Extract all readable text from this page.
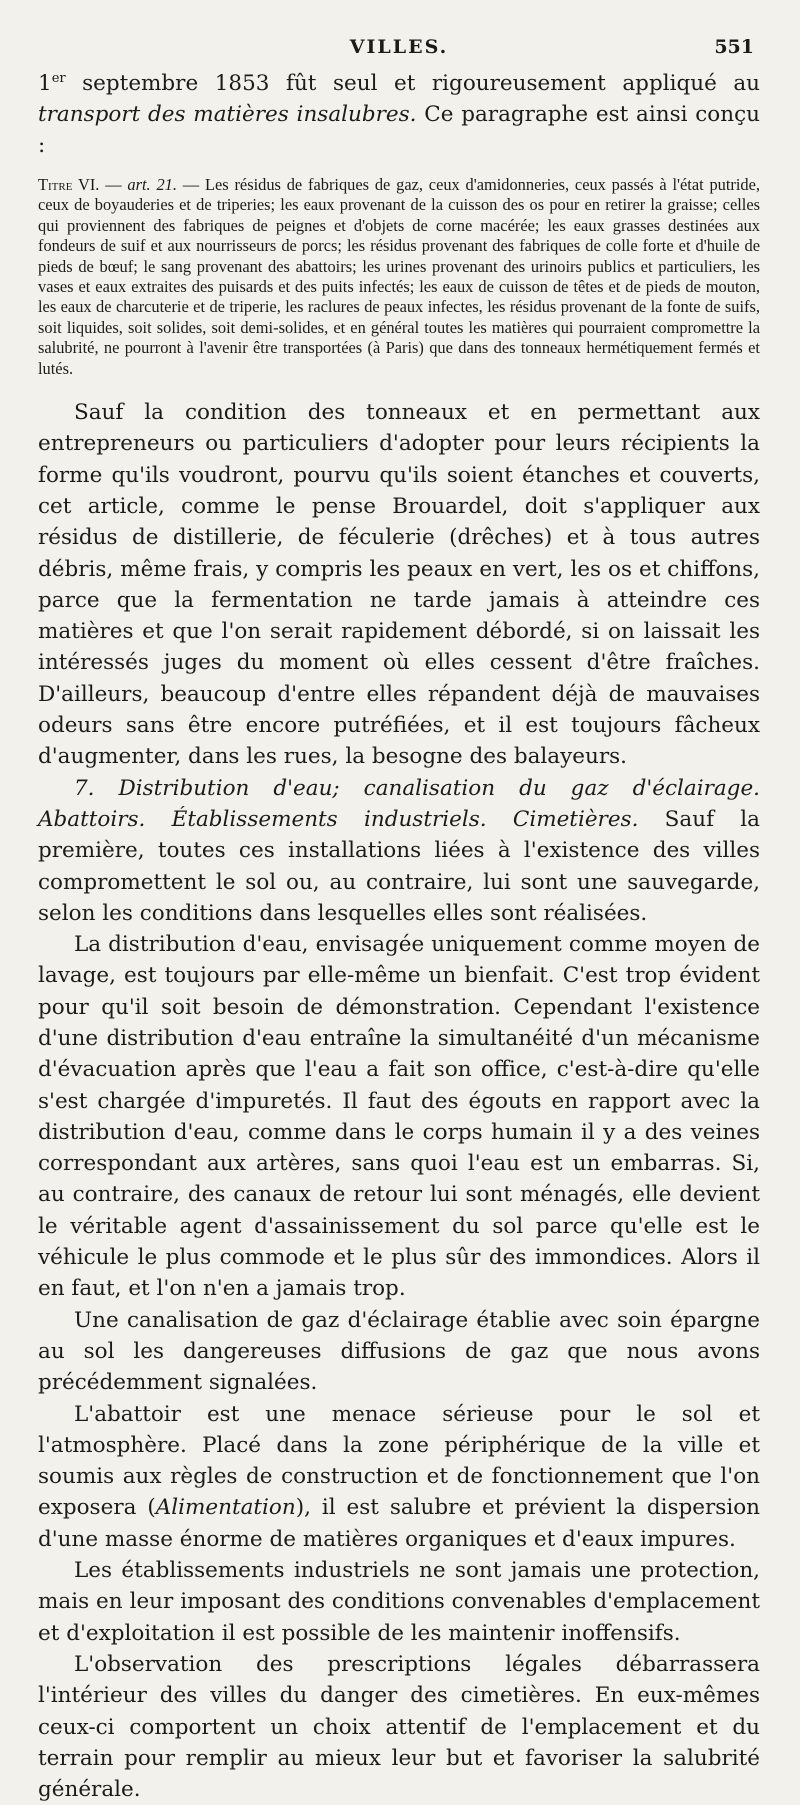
VILLES.	551

1er septembre 1853 fût seul et rigoureusement appliqué au transport des matières insalubres. Ce paragraphe est ainsi conçu :

Titre VI. — art. 21. — Les résidus de fabriques de gaz, ceux d'amidonneries, ceux passés à l'état putride, ceux de boyauderies et de triperies; les eaux provenant de la cuisson des os pour en retirer la graisse; celles qui proviennent des fabriques de peignes et d'objets de corne macérée; les eaux grasses destinées aux fondeurs de suif et aux nourrisseurs de porcs; les résidus provenant des fabriques de colle forte et d'huile de pieds de bœuf; le sang provenant des abattoirs; les urines provenant des urinoirs publics et particuliers, les vases et eaux extraites des puisards et des puits infectés; les eaux de cuisson de têtes et de pieds de mouton, les eaux de charcuterie et de triperie, les raclures de peaux infectes, les résidus provenant de la fonte de suifs, soit liquides, soit solides, soit demi-solides, et en général toutes les matières qui pourraient compromettre la salubrité, ne pourront à l'avenir être transportées (à Paris) que dans des tonneaux hermétiquement fermés et lutés.

Sauf la condition des tonneaux et en permettant aux entrepreneurs ou particuliers d'adopter pour leurs récipients la forme qu'ils voudront, pourvu qu'ils soient étanches et couverts, cet article, comme le pense Brouardel, doit s'appliquer aux résidus de distillerie, de féculerie (drêches) et à tous autres débris, même frais, y compris les peaux en vert, les os et chiffons, parce que la fermentation ne tarde jamais à atteindre ces matières et que l'on serait rapidement débordé, si on laissait les intéressés juges du moment où elles cessent d'être fraîches. D'ailleurs, beaucoup d'entre elles répandent déjà de mauvaises odeurs sans être encore putréfiées, et il est toujours fâcheux d'augmenter, dans les rues, la besogne des balayeurs.

7. Distribution d'eau; canalisation du gaz d'éclairage. Abattoirs. Établissements industriels. Cimetières. Sauf la première, toutes ces installations liées à l'existence des villes compromettent le sol ou, au contraire, lui sont une sauvegarde, selon les conditions dans lesquelles elles sont réalisées.

La distribution d'eau, envisagée uniquement comme moyen de lavage, est toujours par elle-même un bienfait. C'est trop évident pour qu'il soit besoin de démonstration. Cependant l'existence d'une distribution d'eau entraîne la simultanéité d'un mécanisme d'évacuation après que l'eau a fait son office, c'est-à-dire qu'elle s'est chargée d'impuretés. Il faut des égouts en rapport avec la distribution d'eau, comme dans le corps humain il y a des veines correspondant aux artères, sans quoi l'eau est un embarras. Si, au contraire, des canaux de retour lui sont ménagés, elle devient le véritable agent d'assainissement du sol parce qu'elle est le véhicule le plus commode et le plus sûr des immondices. Alors il en faut, et l'on n'en a jamais trop.

Une canalisation de gaz d'éclairage établie avec soin épargne au sol les dangereuses diffusions de gaz que nous avons précédemment signalées.

L'abattoir est une menace sérieuse pour le sol et l'atmosphère. Placé dans la zone périphérique de la ville et soumis aux règles de construction et de fonctionnement que l'on exposera (Alimentation), il est salubre et prévient la dispersion d'une masse énorme de matières organiques et d'eaux impures.

Les établissements industriels ne sont jamais une protection, mais en leur imposant des conditions convenables d'emplacement et d'exploitation il est possible de les maintenir inoffensifs.

L'observation des prescriptions légales débarrassera l'intérieur des villes du danger des cimetières. En eux-mêmes ceux-ci comportent un choix attentif de l'emplacement et du terrain pour remplir au mieux leur but et favoriser la salubrité générale.
